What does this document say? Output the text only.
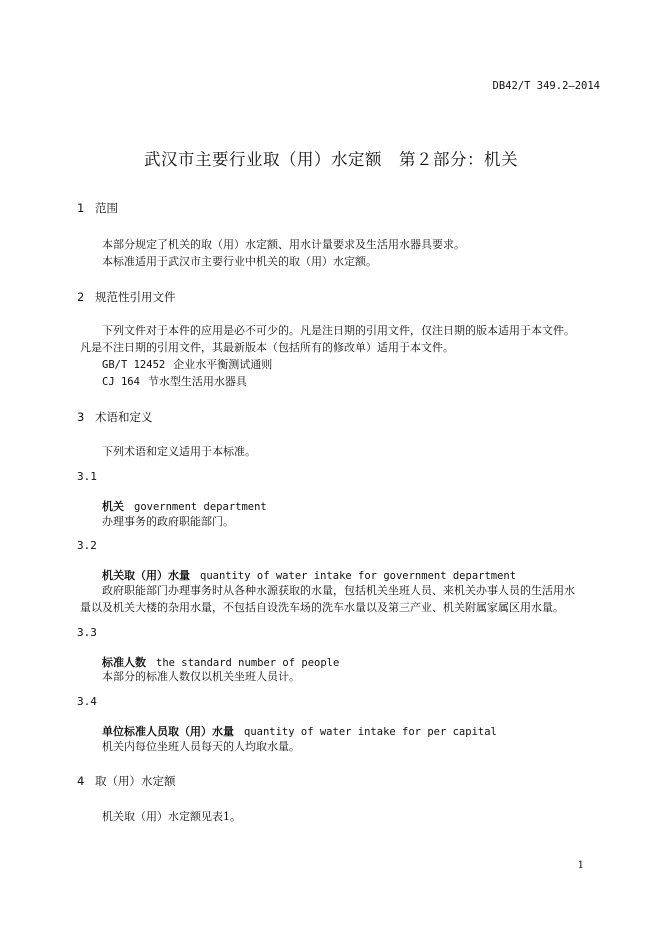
DB42/T 349.2—2014
武汉市主要行业取（用）水定额　第２部分：机关
1 范围
本部分规定了机关的取（用）水定额、用水计量要求及生活用水器具要求。
本标准适用于武汉市主要行业中机关的取（用）水定额。
2 规范性引用文件
下列文件对于本件的应用是必不可少的。凡是注日期的引用文件，仅注日期的版本适用于本文件。
凡是不注日期的引用文件，其最新版本（包括所有的修改单）适用于本文件。
GB/T 12452 企业水平衡测试通则
CJ 164 节水型生活用水器具
3 术语和定义
下列术语和定义适用于本标准。
3.1
机关 government department
办理事务的政府职能部门。
3.2
机关取（用）水量 quantity of water intake for government department
政府职能部门办理事务时从各种水源获取的水量，包括机关坐班人员、来机关办事人员的生活用水
量以及机关大楼的杂用水量，不包括自设洗车场的洗车水量以及第三产业、机关附属家属区用水量。
3.3
标准人数 the standard number of people
本部分的标准人数仅以机关坐班人员计。
3.4
单位标准人员取（用）水量 quantity of water intake for per capital
机关内每位坐班人员每天的人均取水量。
4 取（用）水定额
机关取（用）水定额见表1。
1
